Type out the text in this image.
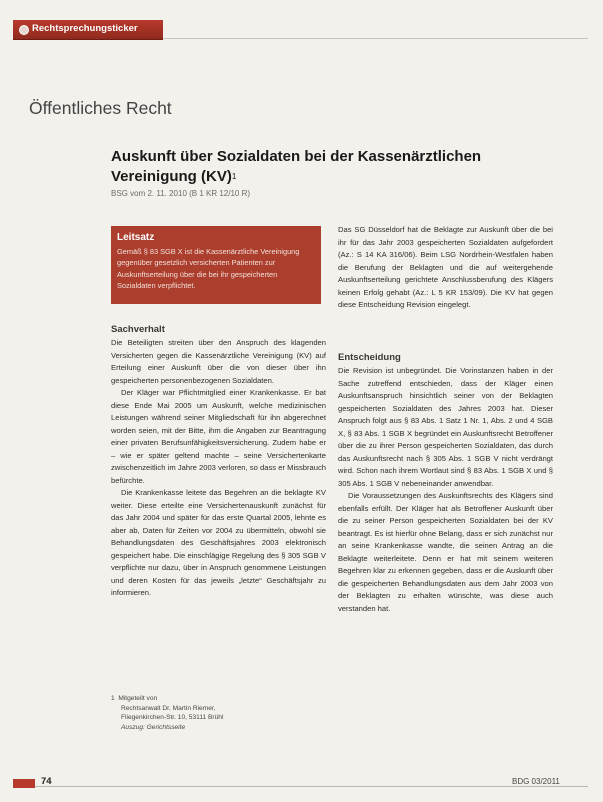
Rechtsprechungsticker
Öffentliches Recht
Auskunft über Sozialdaten bei der Kassenärztlichen Vereinigung (KV)$^1$
BSG vom 2. 11. 2010 (B 1 KR 12/10 R)
Leitsatz
Gemäß § 83 SGB X ist die Kassenärztliche Vereinigung gegenüber gesetzlich versicherten Patienten zur Auskunftserteilung über die bei ihr gespeicherten Sozialdaten verpflichtet.
Sachverhalt

Die Beteiligten streiten über den Anspruch des klagenden Versicherten gegen die Kassenärztliche Vereinigung (KV) auf Erteilung einer Auskunft über die von dieser über ihn gespeicherten personenbezogenen Sozialdaten.

Der Kläger war Pflichtmitglied einer Krankenkasse. Er bat diese Ende Mai 2005 um Auskunft, welche medizinischen Leistungen während seiner Mitgliedschaft für ihn abgerechnet worden seien, mit der Bitte, ihm die Angaben zur Beantragung einer privaten Berufsunfähigkeitsversicherung. Zudem habe er – wie er später geltend machte – seine Versichertenkarte zwischenzeitlich im Jahre 2003 verloren, so dass er Missbrauch befürchte.

Die Krankenkasse leitete das Begehren an die beklagte KV weiter. Diese erteilte eine Versichertenauskunft zunächst für das Jahr 2004 und später für das erste Quartal 2005, lehnte es aber ab, Daten für Zeiten vor 2004 zu übermitteln, obwohl sie Behandlungsdaten des Geschäftsjahres 2003 elektronisch gespeichert habe. Die einschlägige Regelung des § 305 SGB V verpflichte nur dazu, über in Anspruch genommene Leistungen und deren Kosten für das jeweils „letzte“ Geschäftsjahr zu informieren.

1 Mitgeteilt von
Rechtsanwalt Dr. Martin Riemer,
Fliegenkirchen-Str. 10, 53111 Brühl
Auszug: Gerichtsseite

Das SG Düsseldorf hat die Beklagte zur Auskunft über die bei ihr für das Jahr 2003 gespeicherten Sozialdaten aufgefordert (Az.: S 14 KA 316/06). Beim LSG Nordrhein-Westfalen haben die Berufung der Beklagten und die auf weitergehende Auskunftserteilung gerichtete Anschlussberufung des Klägers keinen Erfolg gehabt (Az.: L 5 KR 153/09). Die KV hat gegen diese Entscheidung Revision eingelegt.

Entscheidung

Die Revision ist unbegründet. Die Vorinstanzen haben in der Sache zutreffend entschieden, dass der Kläger einen Auskunftsanspruch hinsichtlich seiner von der Beklagten gespeicherten Sozialdaten des Jahres 2003 hat. Dieser Anspruch folgt aus § 83 Abs. 1 Satz 1 Nr. 1, Abs. 2 und 4 SGB X, § 83 Abs. 1 SGB X begründet ein Auskunftsrecht Betroffener über die zu ihrer Person gespeicherten Sozialdaten, das durch das Auskunftsrecht nach § 305 Abs. 1 SGB V nicht verdrängt wird. Schon nach ihrem Wortlaut sind § 83 Abs. 1 SGB X und § 305 Abs. 1 SGB V nebeneinander anwendbar.

Die Voraussetzungen des Auskunftsrechts des Klägers sind ebenfalls erfüllt. Der Kläger hat als Betroffener Auskunft über die zu seiner Person gespeicherten Sozialdaten bei der KV beantragt. Es ist hierfür ohne Belang, dass er sich zunächst nur an seine Krankenkasse wandte, die seinen Antrag an die Beklagte weiterleitete. Denn er hat mit seinem weiteren Begehren klar zu erkennen gegeben, dass er die Auskunft über die gespeicherten Behandlungsdaten aus dem Jahr 2003 von der Beklagten zu erhalten wünschte, was diese auch verstanden hat.

74	BDG 03/2011
